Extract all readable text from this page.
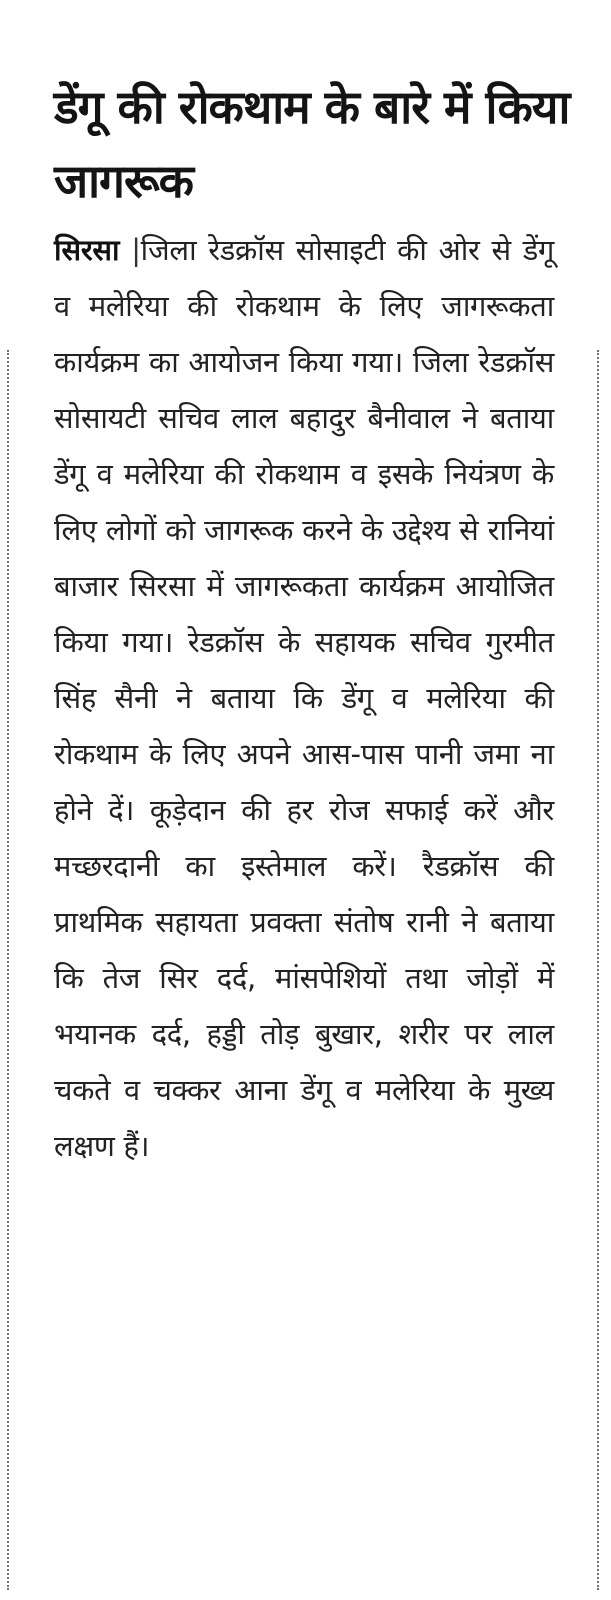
डेंगू की रोकथाम के बारे में किया जागरूक

सिरसा |जिला रेडक्रॉस सोसाइटी की ओर से डेंगू व मलेरिया की रोकथाम के लिए जागरूकता कार्यक्रम का आयोजन किया गया। जिला रेडक्रॉस सोसायटी सचिव लाल बहादुर बैनीवाल ने बताया डेंगू व मलेरिया की रोकथाम व इसके नियंत्रण के लिए लोगों को जागरूक करने के उद्देश्य से रानियां बाजार सिरसा में जागरूकता कार्यक्रम आयोजित किया गया। रेडक्रॉस के सहायक सचिव गुरमीत सिंह सैनी ने बताया कि डेंगू व मलेरिया की रोकथाम के लिए अपने आस-पास पानी जमा ना होने दें। कूड़ेदान की हर रोज सफाई करें और मच्छरदानी का इस्तेमाल करें। रैडक्रॉस की प्राथमिक सहायता प्रवक्ता संतोष रानी ने बताया कि तेज सिर दर्द, मांसपेशियों तथा जोड़ों में भयानक दर्द, हड्डी तोड़ बुखार, शरीर पर लाल चकते व चक्कर आना डेंगू व मलेरिया के मुख्य लक्षण हैं।
